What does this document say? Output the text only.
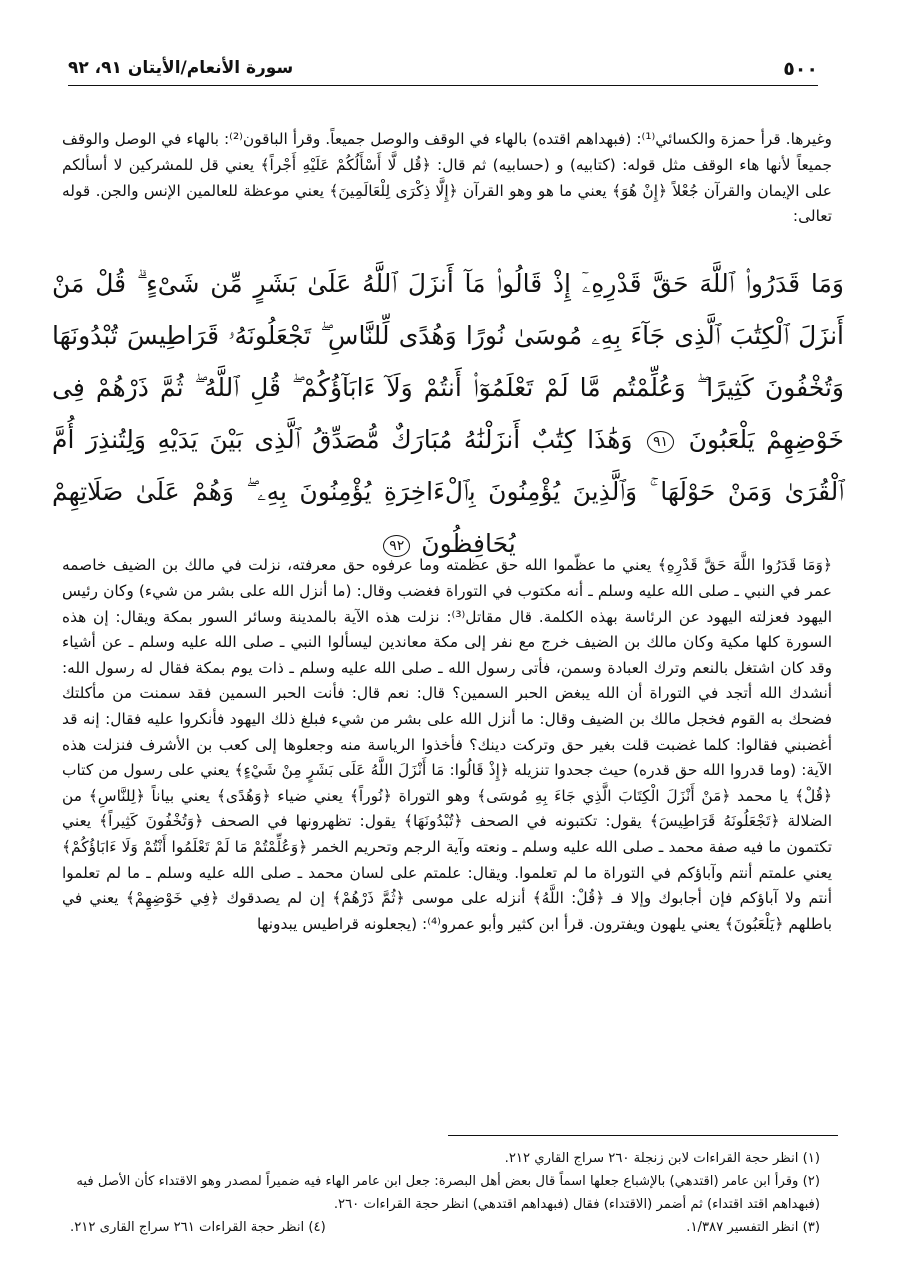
٥٠٠
سورة الأنعام/الأيتان ٩١، ٩٢

وغيرها. قرأ حمزة والكسائي⁽¹⁾: (فبهداهم اقتده) بالهاء في الوقف والوصل جميعاً. وقرأ الباقون⁽²⁾: بالهاء في الوصل والوقف جميعاً لأنها هاء الوقف مثل قوله: (كتابيه) و (حسابيه) ثم قال: ﴿قُل لَّا أَسْأَلُكُمْ عَلَيْهِ أَجْراً﴾ يعني قل للمشركين لا أسألكم على الإيمان والقرآن جُعْلاً ﴿إِنْ هُوَ﴾ يعني ما هو وهو القرآن ﴿إِلَّا ذِكْرَى لِلْعَالَمِينَ﴾ يعني موعظة للعالمين الإنس والجن. قوله تعالى:

وَمَا قَدَرُوا۟ ٱللَّهَ حَقَّ قَدْرِهِۦٓ إِذْ قَالُوا۟ مَآ أَنزَلَ ٱللَّهُ عَلَىٰ بَشَرٍ مِّن شَىْءٍ ۗ قُلْ مَنْ أَنزَلَ ٱلْكِتَٰبَ ٱلَّذِى جَآءَ بِهِۦ مُوسَىٰ نُورًا وَهُدًى لِّلنَّاسِ ۖ تَجْعَلُونَهُۥ قَرَاطِيسَ تُبْدُونَهَا وَتُخْفُونَ كَثِيرًا ۖ وَعُلِّمْتُم مَّا لَمْ تَعْلَمُوٓا۟ أَنتُمْ وَلَآ ءَابَآؤُكُمْ ۖ قُلِ ٱللَّهُ ۖ ثُمَّ ذَرْهُمْ فِى خَوْضِهِمْ يَلْعَبُونَ ٩١ وَهَٰذَا كِتَٰبٌ أَنزَلْنَٰهُ مُبَارَكٌ مُّصَدِّقُ ٱلَّذِى بَيْنَ يَدَيْهِ وَلِتُنذِرَ أُمَّ ٱلْقُرَىٰ وَمَنْ حَوْلَهَا ۚ وَٱلَّذِينَ يُؤْمِنُونَ بِٱلْءَاخِرَةِ يُؤْمِنُونَ بِهِۦ ۖ وَهُمْ عَلَىٰ صَلَاتِهِمْ يُحَافِظُونَ ٩٢

﴿وَمَا قَدَرُوا اللَّهَ حَقَّ قَدْرِهِ﴾ يعني ما عظّموا الله حق عظمته وما عرفوه حق معرفته، نزلت في مالك بن الضيف خاصمه عمر في النبي ـ صلى الله عليه وسلم ـ أنه مكتوب في التوراة فغضب وقال: (ما أنزل الله على بشر من شيء) وكان رئيس اليهود فعزلته اليهود عن الرئاسة بهذه الكلمة. قال مقاتل⁽³⁾: نزلت هذه الآية بالمدينة وسائر السور بمكة ويقال: إن هذه السورة كلها مكية وكان مالك بن الضيف خرج مع نفر إلى مكة معاندين ليسألوا النبي ـ صلى الله عليه وسلم ـ عن أشياء وقد كان اشتغل بالنعم وترك العبادة وسمن، فأتى رسول الله ـ صلى الله عليه وسلم ـ ذات يوم بمكة فقال له رسول الله: أنشدك الله أتجد في التوراة أن الله يبغض الحبر السمين؟ قال: نعم قال: فأنت الحبر السمين فقد سمنت من مأكلتك فضحك به القوم فخجل مالك بن الضيف وقال: ما أنزل الله على بشر من شيء فبلغ ذلك اليهود فأنكروا عليه فقال: إنه قد أغضبني فقالوا: كلما غضبت قلت بغير حق وتركت دينك؟ فأخذوا الرياسة منه وجعلوها إلى كعب بن الأشرف فنزلت هذه الآية: (وما قدروا الله حق قدره) حيث جحدوا تنزيله ﴿إِذْ قَالُوا: مَا أَنْزَلَ اللَّهُ عَلَى بَشَرٍ مِنْ شَيْءٍ﴾ يعني على رسول من كتاب ﴿قُلْ﴾ يا محمد ﴿مَنْ أَنْزَلَ الْكِتَابَ الَّذِي جَاءَ بِهِ مُوسَى﴾ وهو التوراة ﴿نُوراً﴾ يعني ضياء ﴿وَهُدًى﴾ يعني بياناً ﴿لِلنَّاسِ﴾ من الضلالة ﴿تَجْعَلُونَهُ قَرَاطِيسَ﴾ يقول: تكتبونه في الصحف ﴿تُبْدُونَهَا﴾ يقول: تظهرونها في الصحف ﴿وَتُخْفُونَ كَثِيراً﴾ يعني تكتمون ما فيه صفة محمد ـ صلى الله عليه وسلم ـ ونعته وآية الرجم وتحريم الخمر ﴿وَعُلِّمْتُمْ مَا لَمْ تَعْلَمُوا أَنْتُمْ وَلَا ءَابَاؤُكُمْ﴾ يعني علمتم أنتم وآباؤكم في التوراة ما لم تعلموا. ويقال: علمتم على لسان محمد ـ صلى الله عليه وسلم ـ ما لم تعلموا أنتم ولا آباؤكم فإن أجابوك وإلا فـ ﴿قُلْ: اللَّهُ﴾ أنزله على موسى ﴿ثُمَّ ذَرْهُمْ﴾ إن لم يصدقوك ﴿فِي خَوْضِهِمْ﴾ يعني في باطلهم ﴿يَلْعَبُونَ﴾ يعني يلهون ويفترون. قرأ ابن كثير وأبو عمرو⁽⁴⁾: (يجعلونه قراطيس يبدونها

(١) انظر حجة القراءات لابن زنجلة ٢٦٠ سراج القاري ٢١٢.
(٢) وقرأ ابن عامر (اقتدهي) بالإشباع جعلها اسماً قال بعض أهل البصرة: جعل ابن عامر الهاء فيه ضميراً لمصدر وهو الاقتداء كأن الأصل فيه (فبهداهم اقتد اقتداء) ثم أضمر (الاقتداء) فقال (فبهداهم اقتدهي) انظر حجة القراءات ٢٦٠.
(٣) انظر التفسير ١/٣٨٧.
(٤) انظر حجة القراءات ٢٦١ سراج القارى ٢١٢.
